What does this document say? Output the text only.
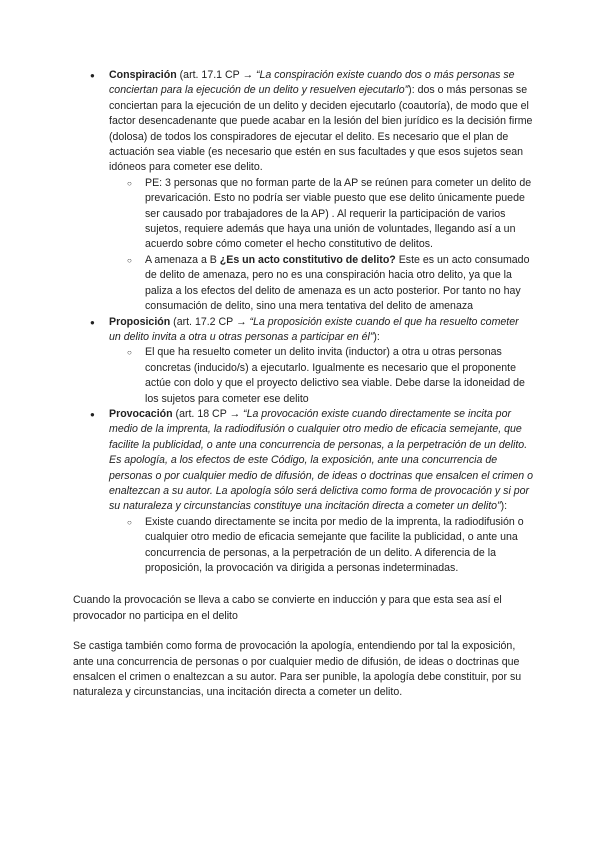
● Conspiración (art. 17.1 CP → “La conspiración existe cuando dos o más personas se conciertan para la ejecución de un delito y resuelven ejecutarlo”): dos o más personas se conciertan para la ejecución de un delito y deciden ejecutarlo (coautoría), de modo que el factor desencadenante que puede acabar en la lesión del bien jurídico es la decisión firme (dolosa) de todos los conspiradores de ejecutar el delito. Es necesario que el plan de actuación sea viable (es necesario que estén en sus facultades y que esos sujetos sean idóneos para cometer ese delito.
○ PE: 3 personas que no forman parte de la AP se reúnen para cometer un delito de prevaricación. Esto no podría ser viable puesto que ese delito únicamente puede ser causado por trabajadores de la AP) . Al requerir la participación de varios sujetos, requiere además que haya una unión de voluntades, llegando así a un acuerdo sobre cómo cometer el hecho constitutivo de delitos.
○ A amenaza a B ¿Es un acto constitutivo de delito? Este es un acto consumado de delito de amenaza, pero no es una conspiración hacia otro delito, ya que la paliza a los efectos del delito de amenaza es un acto posterior. Por tanto no hay consumación de delito, sino una mera tentativa del delito de amenaza
● Proposición (art. 17.2 CP → “La proposición existe cuando el que ha resuelto cometer un delito invita a otra u otras personas a participar en él”):
○ El que ha resuelto cometer un delito invita (inductor) a otra u otras personas concretas (inducido/s) a ejecutarlo. Igualmente es necesario que el proponente actúe con dolo y que el proyecto delictivo sea viable. Debe darse la idoneidad de los sujetos para cometer ese delito
● Provocación (art. 18 CP → “La provocación existe cuando directamente se incita por medio de la imprenta, la radiodifusión o cualquier otro medio de eficacia semejante, que facilite la publicidad, o ante una concurrencia de personas, a la perpetración de un delito. Es apología, a los efectos de este Código, la exposición, ante una concurrencia de personas o por cualquier medio de difusión, de ideas o doctrinas que ensalcen el crimen o enaltezcan a su autor. La apología sólo será delictiva como forma de provocación y si por su naturaleza y circunstancias constituye una incitación directa a cometer un delito”):
○ Existe cuando directamente se incita por medio de la imprenta, la radiodifusión o cualquier otro medio de eficacia semejante que facilite la publicidad, o ante una concurrencia de personas, a la perpetración de un delito. A diferencia de la proposición, la provocación va dirigida a personas indeterminadas.

Cuando la provocación se lleva a cabo se convierte en inducción y para que esta sea así el provocador no participa en el delito

Se castiga también como forma de provocación la apología, entendiendo por tal la exposición, ante una concurrencia de personas o por cualquier medio de difusión, de ideas o doctrinas que ensalcen el crimen o enaltezcan a su autor. Para ser punible, la apología debe constituir, por su naturaleza y circunstancias, una incitación directa a cometer un delito.
